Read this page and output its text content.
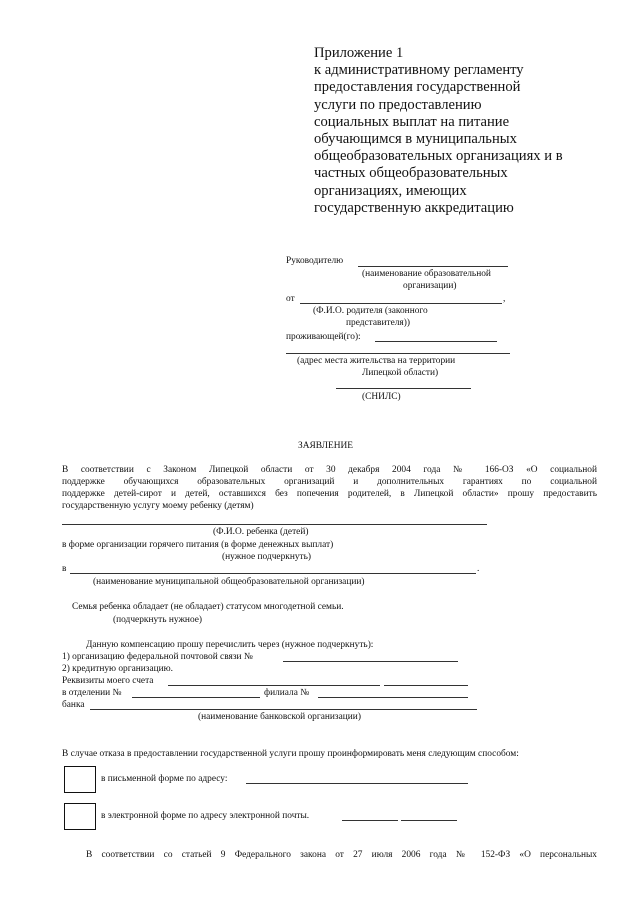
Приложение 1
к административному регламенту
предоставления государственной
услуги по предоставлению
социальных выплат на питание
обучающимся в муниципальных
общеобразовательных организациях и в
частных общеобразовательных
организациях, имеющих
государственную аккредитацию
Руководителю
(наименование образовательной
организации)
от	,
(Ф.И.О. родителя (законного
представителя))
проживающей(го):
(адрес места жительства на территории
Липецкой области)
(СНИЛС)
ЗАЯВЛЕНИЕ
В соответствии с Законом Липецкой области от 30 декабря 2004 года № 166-ОЗ «О социальной
поддержке обучающихся образовательных организаций и дополнительных гарантиях по социальной
поддержке детей-сирот и детей, оставшихся без попечения родителей, в Липецкой области» прошу предоставить
государственную услугу моему ребенку (детям)
(Ф.И.О. ребенка (детей)
в форме организации горячего питания (в форме денежных выплат)
(нужное подчеркнуть)
в	.
(наименование муниципальной общеобразовательной организации)
Семья ребенка обладает (не обладает) статусом многодетной семьи.
(подчеркнуть нужное)
Данную компенсацию прошу перечислить через (нужное подчеркнуть):
1) организацию федеральной почтовой связи №
2) кредитную организацию.
Реквизиты моего счета
в отделении №	филиала №
банка
(наименование банковской организации)
В случае отказа в предоставлении государственной услуги прошу проинформировать меня следующим способом:
в письменной форме по адресу:
в электронной форме по адресу электронной почты.
В соответствии со статьей 9 Федерального закона от 27 июля 2006 года № 152-ФЗ «О персональных
